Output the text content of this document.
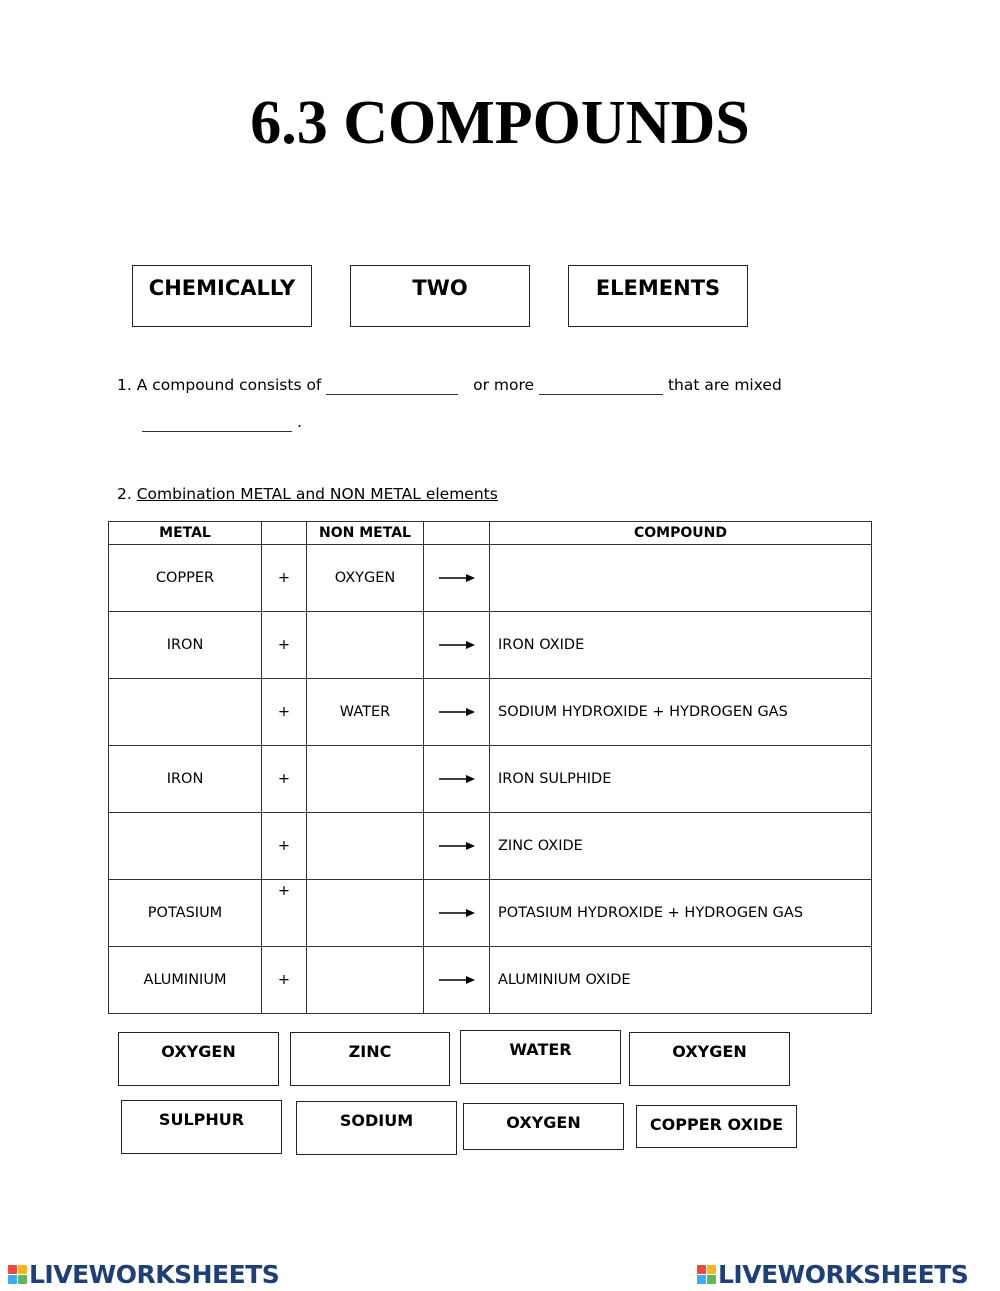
6.3 COMPOUNDS
CHEMICALLY	TWO	ELEMENTS
1. A compound consists of	or more	that are mixed
.
2. Combination METAL and NON METAL elements
METAL		NON METAL		COMPOUND
COPPER	+	OXYGEN	

IRON	+			IRON OXIDE
	+	WATER		SODIUM HYDROXIDE + HYDROGEN GAS
IRON	+			IRON SULPHIDE
	+			ZINC OXIDE
POTASIUM	+			POTASIUM HYDROXIDE + HYDROGEN GAS
ALUMINIUM	+			ALUMINIUM OXIDE
OXYGEN	ZINC	WATER	OXYGEN
SULPHUR	SODIUM	OXYGEN	COPPER OXIDE
LIVEWORKSHEETS	LIVEWORKSHEETS
